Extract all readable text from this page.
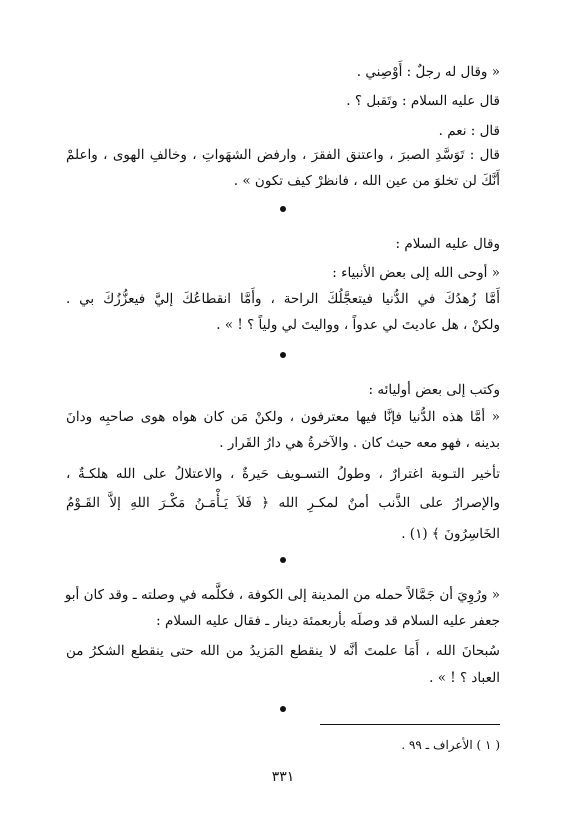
« وقال له رجلٌ : أَوْصِني .
قال عليه السلام : وتَقبل ؟ .
قال : نعم .
قال : تَوَسَّدِ الصبرَ ، واعتنق الفقرَ ، وارفض الشهَواتِ ، وخالفِ الهوى ، واعلمْ
أَنَّكَ لن تخلوَ من عين الله ، فانظرْ كيف تكون » .
وقال عليه السلام :
« أوحى الله إلى بعض الأنبياء :
أَمَّا زُهدُكَ في الدُّنيا فيتعجَّلُكَ الراحة ، وأَمَّا انقطاعُكَ إليَّ فيعزُّزُكَ بي .
ولكنْ ، هل عاديتَ لي عدواً ، وواليتَ لي ولياً ؟ ! » .
وكتب إلى بعض أوليائه :
« أمَّا هذه الدُّنيا فإنَّا فيها معترفون ، ولكنْ مَن كان هواه هوى صاحبِه ودانَ
بدينه ، فهو معه حيث كان . والآخرةُ هي دارُ القَرار .
تأخير التـوبة اغترارٌ ، وطولُ التسـويف حَيرةٌ ، والاعتلالُ على الله هلكـةٌ ،
والإصرارُ على الذَّنب أمنٌ لمكـرِ الله ﴿ فَلاَ يَـأْمَـنُ مَكْـرَ اللهِ إلاَّ القَـوْمُ
الخَاسِرُونَ ﴾ (١) .
« ورُوِيَ أن جَمَّالاً حمله من المدينة إلى الكوفة ، فكلَّمه في وصلته ـ وقد كان أبو
جعفر عليه السلام قد وصلَه بأربعمئة دينار ـ فقال عليه السلام :
سُبحانَ الله ، أَمَا علمتَ أنَّه لا ينقطع المَزيدُ من الله حتى ينقطع الشكرُ من
العباد ؟ ! » .
( ١ ) الأعراف ـ ٩٩ .
٣٣١
